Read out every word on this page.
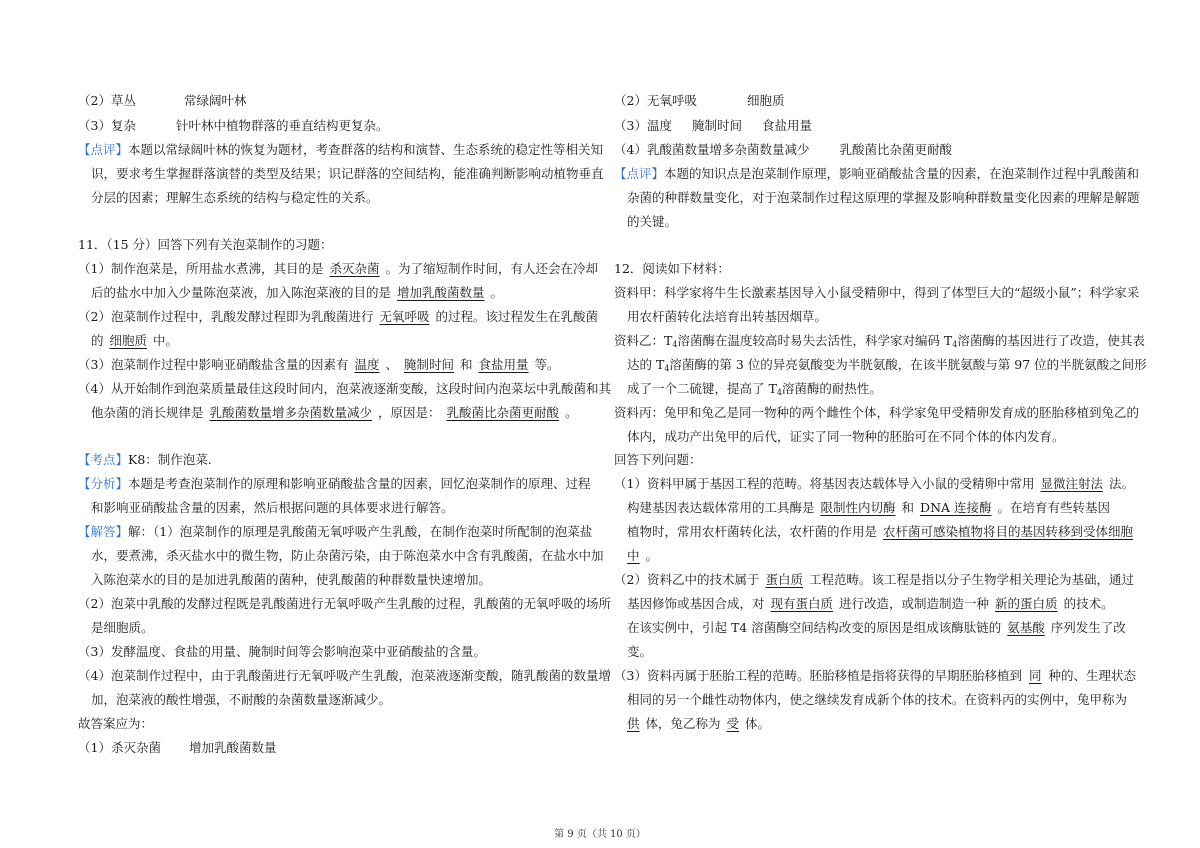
（2）草丛	常绿阔叶林
（3）复杂	针叶林中植物群落的垂直结构更复杂。
【点评】本题以常绿阔叶林的恢复为题材，考查群落的结构和演替、生态系统的稳定性等相关知
识，要求考生掌握群落演替的类型及结果；识记群落的空间结构，能准确判断影响动植物垂直
分层的因素；理解生态系统的结构与稳定性的关系。
11．（15 分）回答下列有关泡菜制作的习题：
（1）制作泡菜是，所用盐水煮沸，其目的是 杀灭杂菌 。为了缩短制作时间，有人还会在冷却
后的盐水中加入少量陈泡菜液，加入陈泡菜液的目的是 增加乳酸菌数量 。
（2）泡菜制作过程中，乳酸发酵过程即为乳酸菌进行 无氧呼吸 的过程。该过程发生在乳酸菌
的 细胞质 中。
（3）泡菜制作过程中影响亚硝酸盐含量的因素有 温度 、 腌制时间 和 食盐用量 等。
（4）从开始制作到泡菜质量最佳这段时间内，泡菜液逐渐变酸，这段时间内泡菜坛中乳酸菌和其
他杂菌的消长规律是 乳酸菌数量增多杂菌数量减少 ，原因是： 乳酸菌比杂菌更耐酸 。
【考点】K8：制作泡菜.
【分析】本题是考查泡菜制作的原理和影响亚硝酸盐含量的因素，回忆泡菜制作的原理、过程
和影响亚硝酸盐含量的因素，然后根据问题的具体要求进行解答。
【解答】解：（1）泡菜制作的原理是乳酸菌无氧呼吸产生乳酸，在制作泡菜时所配制的泡菜盐
水，要煮沸，杀灭盐水中的微生物，防止杂菌污染，由于陈泡菜水中含有乳酸菌，在盐水中加
入陈泡菜水的目的是加进乳酸菌的菌种，使乳酸菌的种群数量快速增加。
（2）泡菜中乳酸的发酵过程既是乳酸菌进行无氧呼吸产生乳酸的过程，乳酸菌的无氧呼吸的场所
是细胞质。
（3）发酵温度、食盐的用量、腌制时间等会影响泡菜中亚硝酸盐的含量。
（4）泡菜制作过程中，由于乳酸菌进行无氧呼吸产生乳酸，泡菜液逐渐变酸，随乳酸菌的数量增
加，泡菜液的酸性增强，不耐酸的杂菌数量逐渐减少。
故答案应为：
（1）杀灭杂菌 增加乳酸菌数量
（2）无氧呼吸	细胞质
（3）温度 腌制时间 食盐用量
（4）乳酸菌数量增多杂菌数量减少 乳酸菌比杂菌更耐酸
【点评】本题的知识点是泡菜制作原理，影响亚硝酸盐含量的因素，在泡菜制作过程中乳酸菌和
杂菌的种群数量变化，对于泡菜制作过程这原理的掌握及影响种群数量变化因素的理解是解题
的关键。
12．阅读如下材料：
资料甲：科学家将牛生长激素基因导入小鼠受精卵中，得到了体型巨大的“超级小鼠”；科学家采
用农杆菌转化法培育出转基因烟草。
资料乙：$T_4$溶菌酶在温度较高时易失去活性，科学家对编码 $T_4$溶菌酶的基因进行了改造，使其表
达的 $T_4$溶菌酶的第 3 位的异亮氨酸变为半胱氨酸，在该半胱氨酸与第 97 位的半胱氨酸之间形
成了一个二硫键，提高了 $T_4$溶菌酶的耐热性。
资料丙：兔甲和兔乙是同一物种的两个雌性个体，科学家兔甲受精卵发育成的胚胎移植到兔乙的
体内，成功产出兔甲的后代，证实了同一物种的胚胎可在不同个体的体内发育。
回答下列问题：
（1）资料甲属于基因工程的范畴。将基因表达载体导入小鼠的受精卵中常用 显微注射法 法。
构建基因表达载体常用的工具酶是 限制性内切酶 和 DNA 连接酶 。在培育有些转基因
植物时，常用农杆菌转化法，农杆菌的作用是 农杆菌可感染植物将目的基因转移到受体细胞
中 。
（2）资料乙中的技术属于 蛋白质 工程范畴。该工程是指以分子生物学相关理论为基础，通过
基因修饰或基因合成，对 现有蛋白质 进行改造，或制造制造一种 新的蛋白质 的技术。
在该实例中，引起 T4 溶菌酶空间结构改变的原因是组成该酶肽链的 氨基酸 序列发生了改
变。
（3）资料丙属于胚胎工程的范畴。胚胎移植是指将获得的早期胚胎移植到 同 种的、生理状态
相同的另一个雌性动物体内，使之继续发育成新个体的技术。在资料丙的实例中，兔甲称为
供 体，兔乙称为 受 体。
第 9 页（共 10 页）
